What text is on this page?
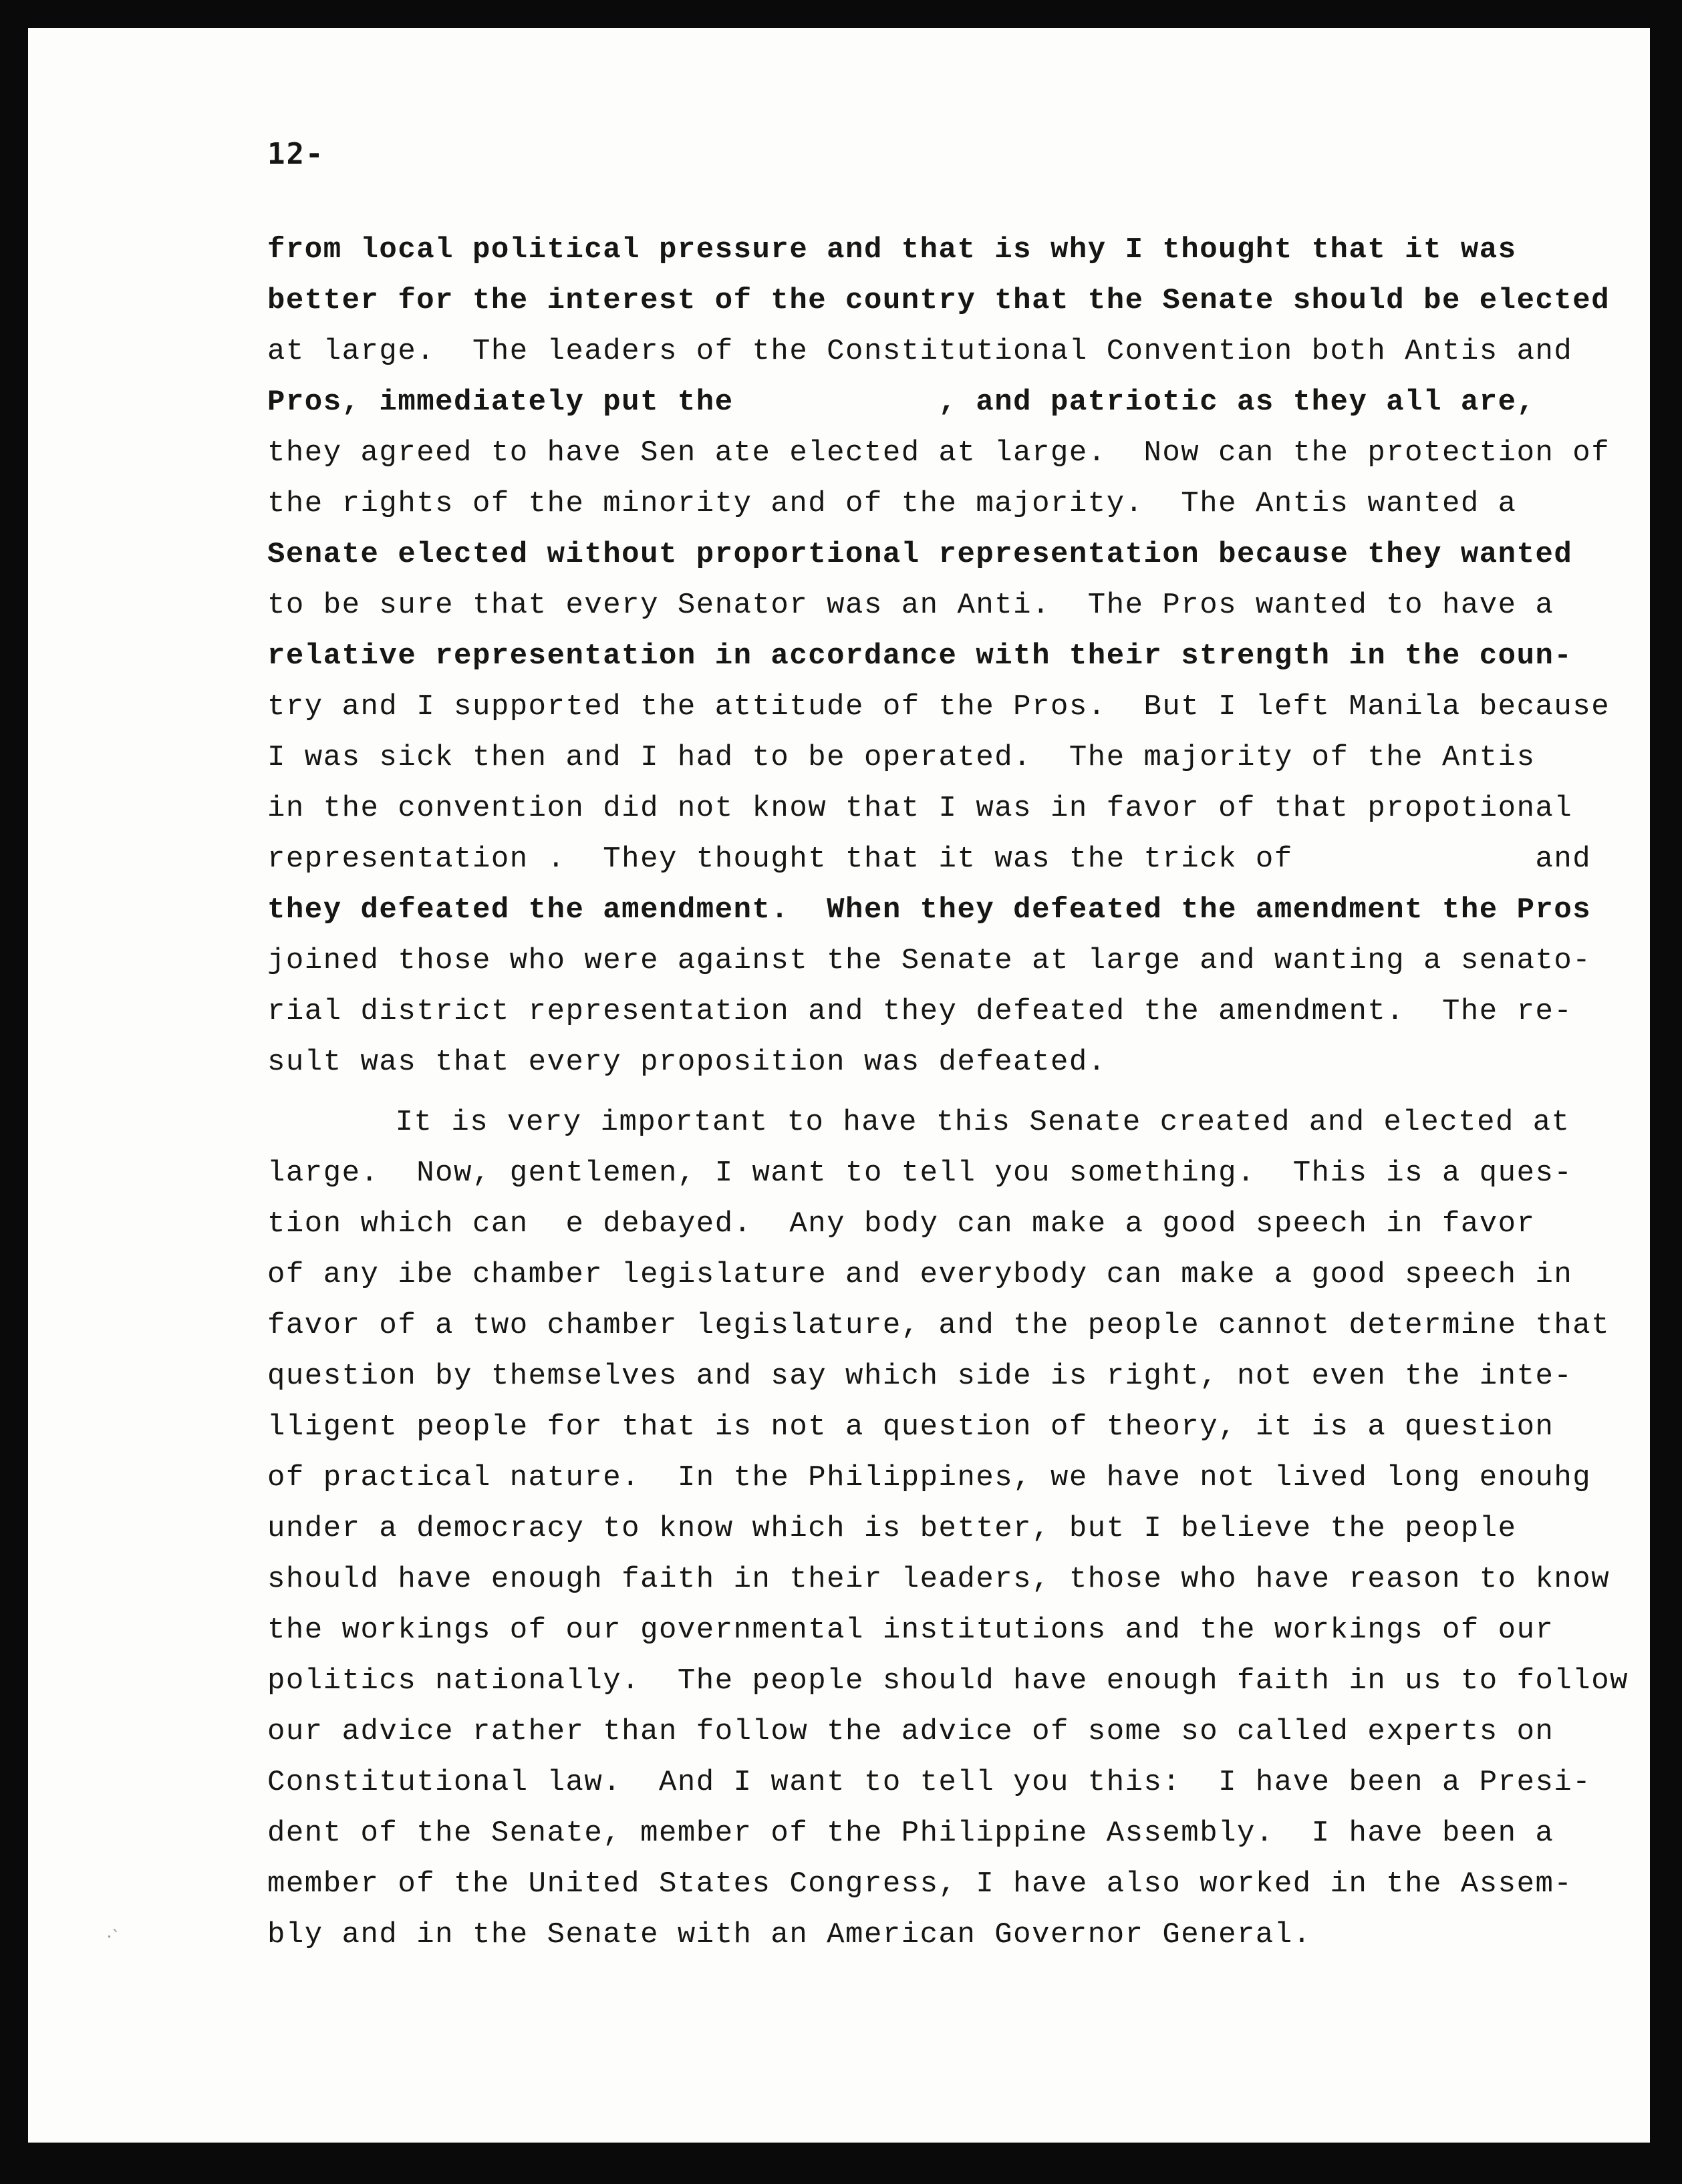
12-
from local political pressure and that is why I thought that it was
better for the interest of the country that the Senate should be elected
at large.  The leaders of the Constitutional Convention both Antis and
Pros, immediately put the           , and patriotic as they all are,
they agreed to have Sen ate elected at large.  Now can the protection of
the rights of the minority and of the majority.  The Antis wanted a
Senate elected without proportional representation because they wanted
to be sure that every Senator was an Anti.  The Pros wanted to have a
relative representation in accordance with their strength in the coun-
try and I supported the attitude of the Pros.  But I left Manila because
I was sick then and I had to be operated.  The majority of the Antis
in the convention did not know that I was in favor of that propotional
representation .  They thought that it was the trick of             and
they defeated the amendment.  When they defeated the amendment the Pros
joined those who were against the Senate at large and wanting a senato-
rial district representation and they defeated the amendment.  The re-
sult was that every proposition was defeated.
It is very important to have this Senate created and elected at
large.  Now, gentlemen, I want to tell you something.  This is a ques-
tion which can  e debayed.  Any body can make a good speech in favor
of any ibe chamber legislature and everybody can make a good speech in
favor of a two chamber legislature, and the people cannot determine that
question by themselves and say which side is right, not even the inte-
lligent people for that is not a question of theory, it is a question
of practical nature.  In the Philippines, we have not lived long enouhg
under a democracy to know which is better, but I believe the people
should have enough faith in their leaders, those who have reason to know
the workings of our governmental institutions and the workings of our
politics nationally.  The people should have enough faith in us to follow
our advice rather than follow the advice of some so called experts on
Constitutional law.  And I want to tell you this:  I have been a Presi-
dent of the Senate, member of the Philippine Assembly.  I have been a
member of the United States Congress, I have also worked in the Assem-
bly and in the Senate with an American Governor General.
⸱ˋ
